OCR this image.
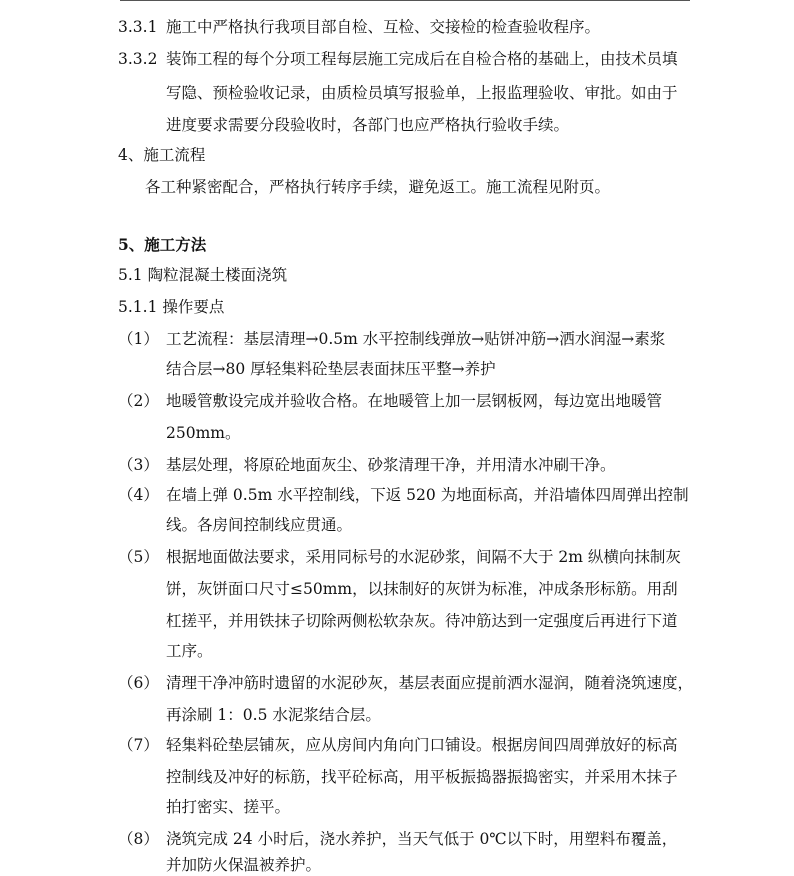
3.3.1 施工中严格执行我项目部自检、互检、交接检的检查验收程序。
3.3.2 装饰工程的每个分项工程每层施工完成后在自检合格的基础上，由技术员填
写隐、预检验收记录，由质检员填写报验单，上报监理验收、审批。如由于
进度要求需要分段验收时，各部门也应严格执行验收手续。
4、施工流程
各工种紧密配合，严格执行转序手续，避免返工。施工流程见附页。
5、施工方法
5.1 陶粒混凝土楼面浇筑
5.1.1 操作要点
（1） 工艺流程：基层清理→0.5m 水平控制线弹放→贴饼冲筋→洒水润湿→素浆
结合层→80 厚轻集料砼垫层表面抹压平整→养护
（2） 地暖管敷设完成并验收合格。在地暖管上加一层钢板网，每边宽出地暖管
250mm。
（3） 基层处理，将原砼地面灰尘、砂浆清理干净，并用清水冲刷干净。
（4） 在墙上弹 0.5m 水平控制线，下返 520 为地面标高，并沿墙体四周弹出控制
线。各房间控制线应贯通。
（5） 根据地面做法要求，采用同标号的水泥砂浆，间隔不大于 2m 纵横向抹制灰
饼，灰饼面口尺寸≤50mm，以抹制好的灰饼为标准，冲成条形标筋。用刮
杠搓平，并用铁抹子切除两侧松软杂灰。待冲筋达到一定强度后再进行下道
工序。
（6） 清理干净冲筋时遗留的水泥砂灰，基层表面应提前洒水湿润，随着浇筑速度，
再涂刷 1：0.5 水泥浆结合层。
（7） 轻集料砼垫层铺灰，应从房间内角向门口铺设。根据房间四周弹放好的标高
控制线及冲好的标筋，找平砼标高，用平板振捣器振捣密实，并采用木抹子
拍打密实、搓平。
（8） 浇筑完成 24 小时后，浇水养护，当天气低于 0℃以下时，用塑料布覆盖，
并加防火保温被养护。
